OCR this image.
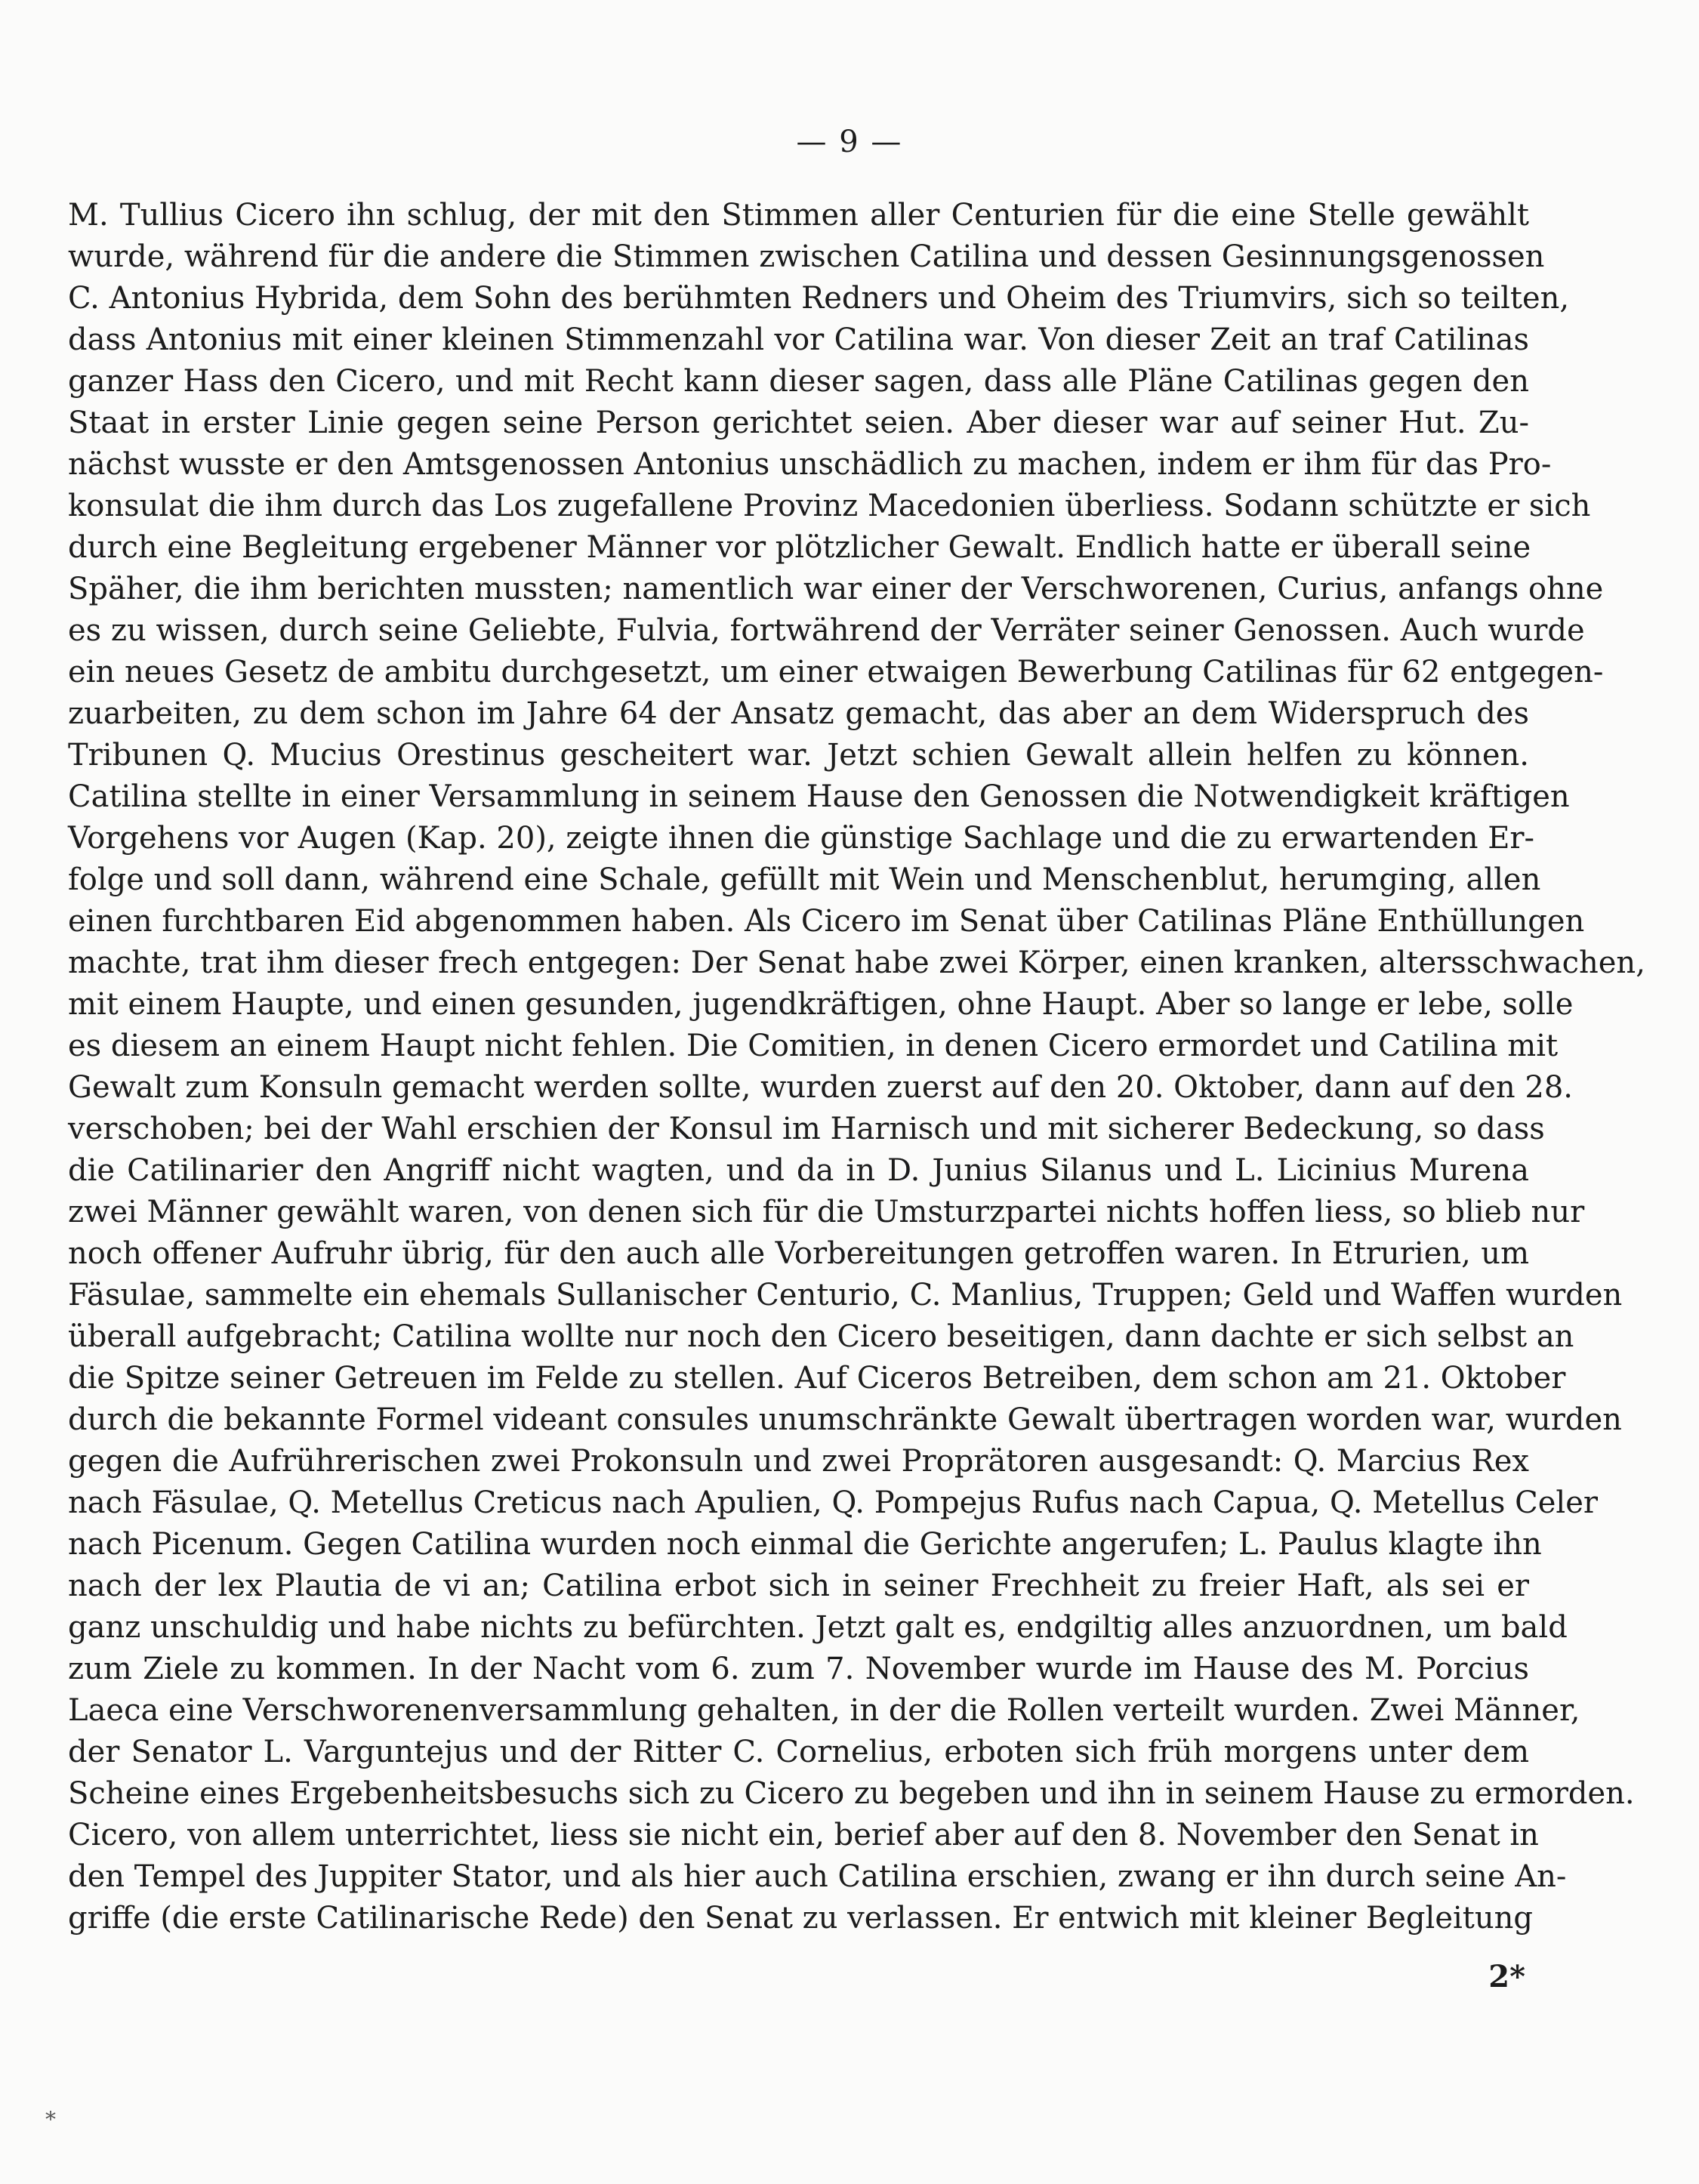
— 9 —
M. Tullius Cicero ihn schlug, der mit den Stimmen aller Centurien für die eine Stelle gewählt
wurde, während für die andere die Stimmen zwischen Catilina und dessen Gesinnungsgenossen
C. Antonius Hybrida, dem Sohn des berühmten Redners und Oheim des Triumvirs, sich so teilten,
dass Antonius mit einer kleinen Stimmenzahl vor Catilina war. Von dieser Zeit an traf Catilinas
ganzer Hass den Cicero, und mit Recht kann dieser sagen, dass alle Pläne Catilinas gegen den
Staat in erster Linie gegen seine Person gerichtet seien. Aber dieser war auf seiner Hut. Zu-
nächst wusste er den Amtsgenossen Antonius unschädlich zu machen, indem er ihm für das Pro-
konsulat die ihm durch das Los zugefallene Provinz Macedonien überliess. Sodann schützte er sich
durch eine Begleitung ergebener Männer vor plötzlicher Gewalt. Endlich hatte er überall seine
Späher, die ihm berichten mussten; namentlich war einer der Verschworenen, Curius, anfangs ohne
es zu wissen, durch seine Geliebte, Fulvia, fortwährend der Verräter seiner Genossen. Auch wurde
ein neues Gesetz de ambitu durchgesetzt, um einer etwaigen Bewerbung Catilinas für 62 entgegen-
zuarbeiten, zu dem schon im Jahre 64 der Ansatz gemacht, das aber an dem Widerspruch des
Tribunen Q. Mucius Orestinus gescheitert war. Jetzt schien Gewalt allein helfen zu können.
Catilina stellte in einer Versammlung in seinem Hause den Genossen die Notwendigkeit kräftigen
Vorgehens vor Augen (Kap. 20), zeigte ihnen die günstige Sachlage und die zu erwartenden Er-
folge und soll dann, während eine Schale, gefüllt mit Wein und Menschenblut, herumging, allen
einen furchtbaren Eid abgenommen haben. Als Cicero im Senat über Catilinas Pläne Enthüllungen
machte, trat ihm dieser frech entgegen: Der Senat habe zwei Körper, einen kranken, altersschwachen,
mit einem Haupte, und einen gesunden, jugendkräftigen, ohne Haupt. Aber so lange er lebe, solle
es diesem an einem Haupt nicht fehlen. Die Comitien, in denen Cicero ermordet und Catilina mit
Gewalt zum Konsuln gemacht werden sollte, wurden zuerst auf den 20. Oktober, dann auf den 28.
verschoben; bei der Wahl erschien der Konsul im Harnisch und mit sicherer Bedeckung, so dass
die Catilinarier den Angriff nicht wagten, und da in D. Junius Silanus und L. Licinius Murena
zwei Männer gewählt waren, von denen sich für die Umsturzpartei nichts hoffen liess, so blieb nur
noch offener Aufruhr übrig, für den auch alle Vorbereitungen getroffen waren. In Etrurien, um
Fäsulae, sammelte ein ehemals Sullanischer Centurio, C. Manlius, Truppen; Geld und Waffen wurden
überall aufgebracht; Catilina wollte nur noch den Cicero beseitigen, dann dachte er sich selbst an
die Spitze seiner Getreuen im Felde zu stellen. Auf Ciceros Betreiben, dem schon am 21. Oktober
durch die bekannte Formel videant consules unumschränkte Gewalt übertragen worden war, wurden
gegen die Aufrührerischen zwei Prokonsuln und zwei Proprätoren ausgesandt: Q. Marcius Rex
nach Fäsulae, Q. Metellus Creticus nach Apulien, Q. Pompejus Rufus nach Capua, Q. Metellus Celer
nach Picenum. Gegen Catilina wurden noch einmal die Gerichte angerufen; L. Paulus klagte ihn
nach der lex Plautia de vi an; Catilina erbot sich in seiner Frechheit zu freier Haft, als sei er
ganz unschuldig und habe nichts zu befürchten. Jetzt galt es, endgiltig alles anzuordnen, um bald
zum Ziele zu kommen. In der Nacht vom 6. zum 7. November wurde im Hause des M. Porcius
Laeca eine Verschworenenversammlung gehalten, in der die Rollen verteilt wurden. Zwei Männer,
der Senator L. Varguntejus und der Ritter C. Cornelius, erboten sich früh morgens unter dem
Scheine eines Ergebenheitsbesuchs sich zu Cicero zu begeben und ihn in seinem Hause zu ermorden.
Cicero, von allem unterrichtet, liess sie nicht ein, berief aber auf den 8. November den Senat in
den Tempel des Juppiter Stator, und als hier auch Catilina erschien, zwang er ihn durch seine An-
griffe (die erste Catilinarische Rede) den Senat zu verlassen. Er entwich mit kleiner Begleitung
2*
*
